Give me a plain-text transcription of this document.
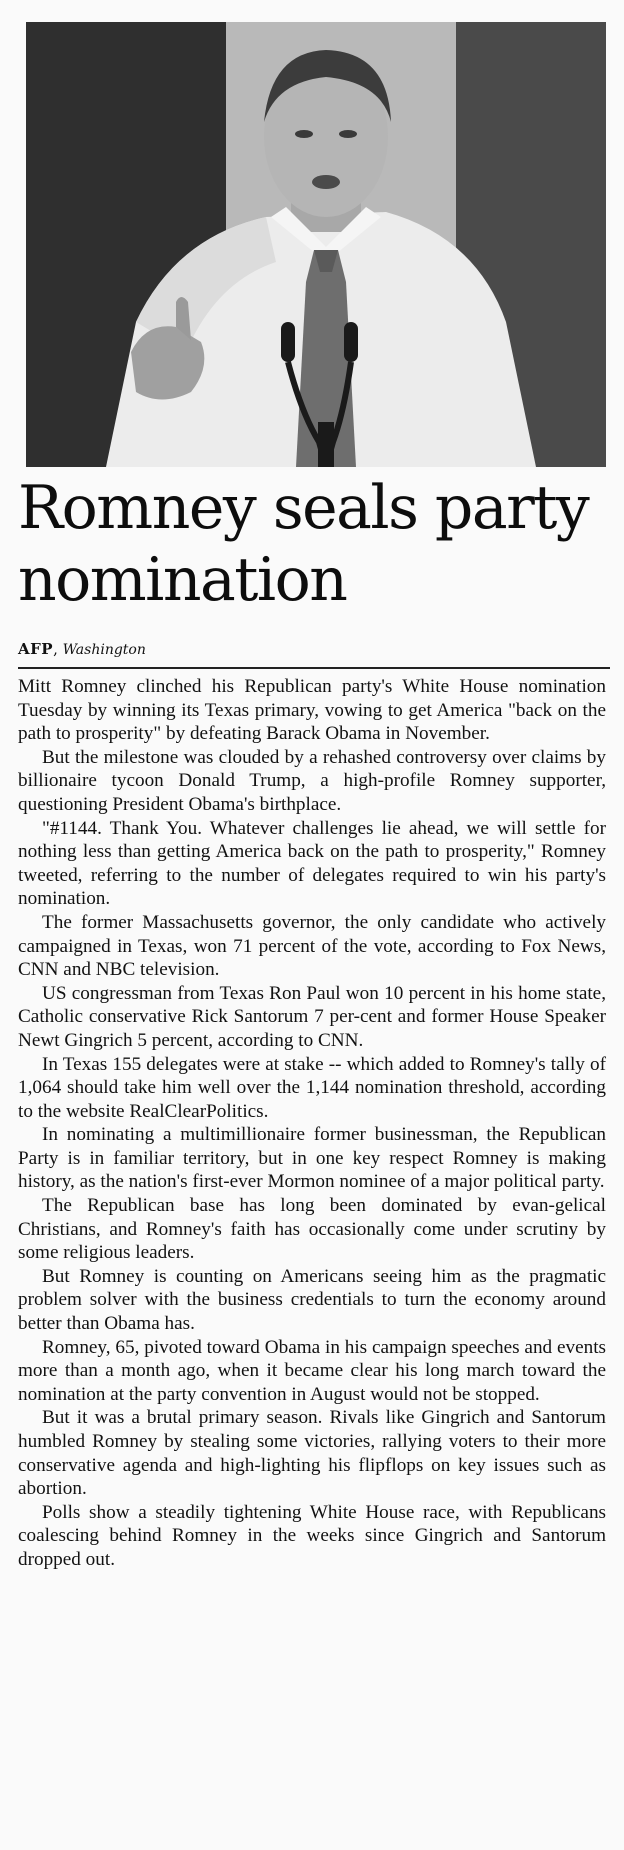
Romney seals party nomination
AFP, Washington

Mitt Romney clinched his Republican party's White House nomination Tuesday by winning its Texas primary, vowing to get America "back on the path to prosperity" by defeating Barack Obama in November.

But the milestone was clouded by a rehashed controversy over claims by billionaire tycoon Donald Trump, a high-profile Romney supporter, questioning President Obama's birthplace.

"#1144. Thank You. Whatever challenges lie ahead, we will settle for nothing less than getting America back on the path to prosperity," Romney tweeted, referring to the number of delegates required to win his party's nomination.

The former Massachusetts governor, the only candidate who actively campaigned in Texas, won 71 percent of the vote, according to Fox News, CNN and NBC television.

US congressman from Texas Ron Paul won 10 percent in his home state, Catholic conservative Rick Santorum 7 per-cent and former House Speaker Newt Gingrich 5 percent, according to CNN.

In Texas 155 delegates were at stake -- which added to Romney's tally of 1,064 should take him well over the 1,144 nomination threshold, according to the website RealClearPolitics.

In nominating a multimillionaire former businessman, the Republican Party is in familiar territory, but in one key respect Romney is making history, as the nation's first-ever Mormon nominee of a major political party.

The Republican base has long been dominated by evan-gelical Christians, and Romney's faith has occasionally come under scrutiny by some religious leaders.

But Romney is counting on Americans seeing him as the pragmatic problem solver with the business credentials to turn the economy around better than Obama has.

Romney, 65, pivoted toward Obama in his campaign speeches and events more than a month ago, when it became clear his long march toward the nomination at the party convention in August would not be stopped.

But it was a brutal primary season. Rivals like Gingrich and Santorum humbled Romney by stealing some victories, rallying voters to their more conservative agenda and high-lighting his flipflops on key issues such as abortion.

Polls show a steadily tightening White House race, with Republicans coalescing behind Romney in the weeks since Gingrich and Santorum dropped out.
